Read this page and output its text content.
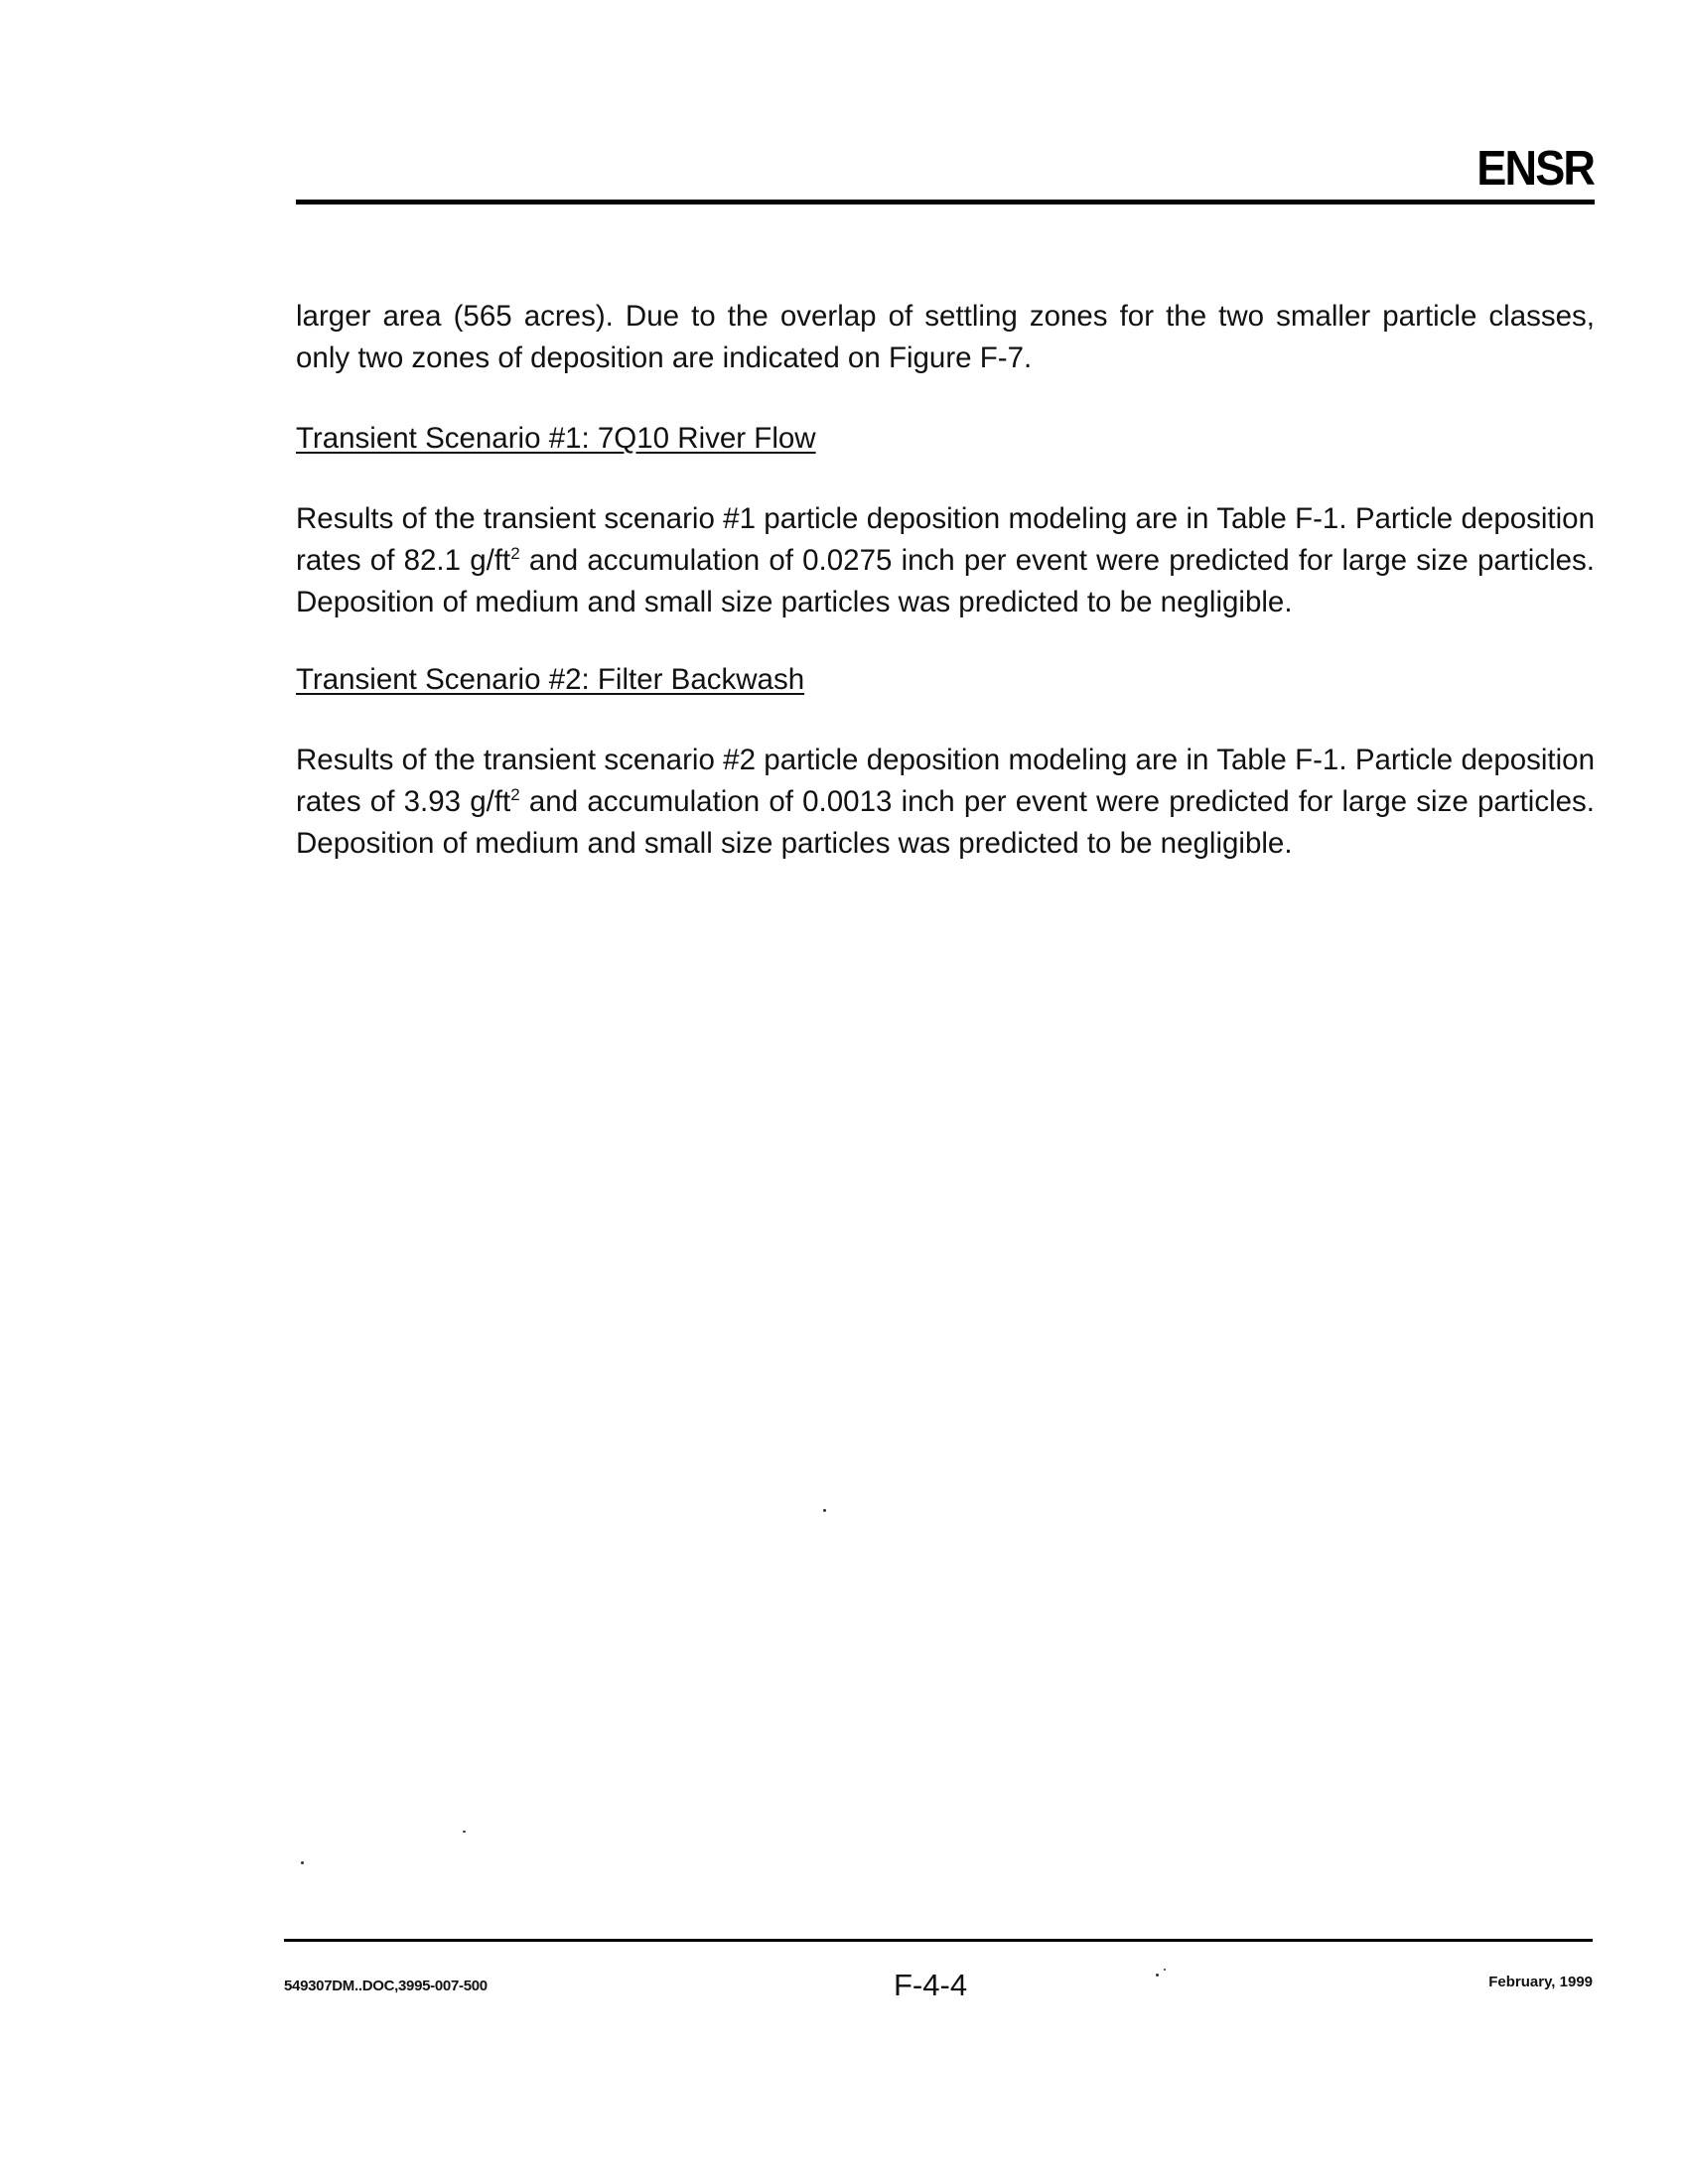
ENSR

larger area (565 acres). Due to the overlap of settling zones for the two smaller particle classes, only two zones of deposition are indicated on Figure F-7.

Transient Scenario #1: 7Q10 River Flow

Results of the transient scenario #1 particle deposition modeling are in Table F-1. Particle deposition rates of 82.1 $g/ft^2$ and accumulation of 0.0275 inch per event were predicted for large size particles. Deposition of medium and small size particles was predicted to be negligible.

Transient Scenario #2: Filter Backwash

Results of the transient scenario #2 particle deposition modeling are in Table F-1. Particle deposition rates of 3.93 $g/ft^2$ and accumulation of 0.0013 inch per event were predicted for large size particles. Deposition of medium and small size particles was predicted to be negligible.

549307DM..DOC,3995-007-500	F-4-4	February, 1999
